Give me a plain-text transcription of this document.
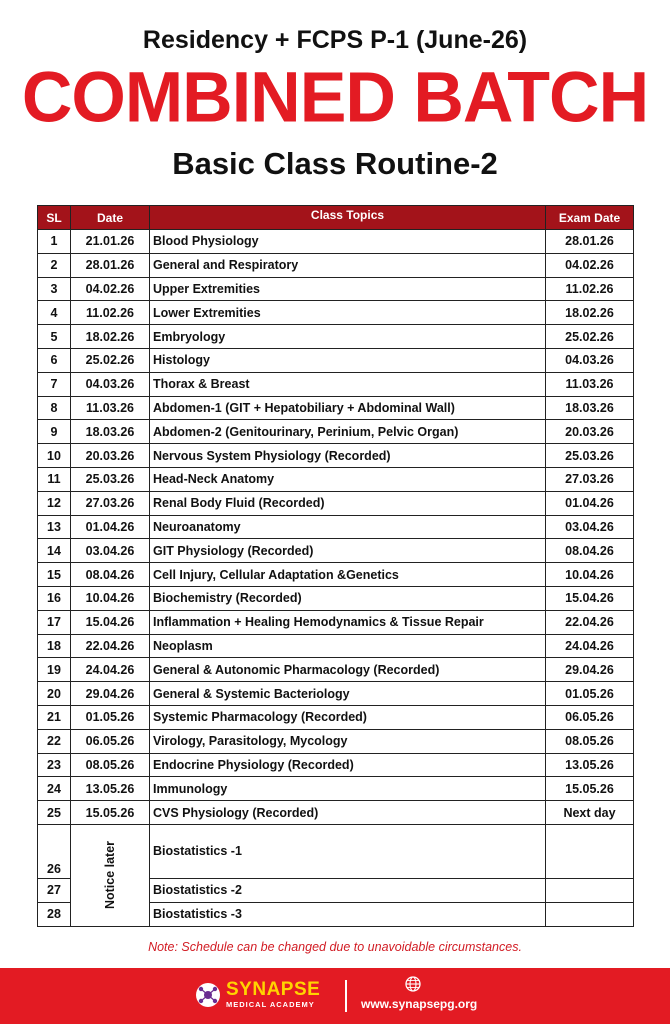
Residency + FCPS P-1 (June-26)
COMBINED BATCH
Basic Class Routine-2
SL	Date	Class Topics	Exam Date
1	21.01.26	Blood Physiology	28.01.26
2	28.01.26	General and Respiratory	04.02.26
3	04.02.26	Upper Extremities	11.02.26
4	11.02.26	Lower Extremities	18.02.26
5	18.02.26	Embryology	25.02.26
6	25.02.26	Histology	04.03.26
7	04.03.26	Thorax & Breast	11.03.26
8	11.03.26	Abdomen-1 (GIT + Hepatobiliary + Abdominal Wall)	18.03.26
9	18.03.26	Abdomen-2 (Genitourinary, Perinium, Pelvic Organ)	20.03.26
10	20.03.26	Nervous System Physiology (Recorded)	25.03.26
11	25.03.26	Head-Neck Anatomy	27.03.26
12	27.03.26	Renal Body Fluid (Recorded)	01.04.26
13	01.04.26	Neuroanatomy	03.04.26
14	03.04.26	GIT Physiology (Recorded)	08.04.26
15	08.04.26	Cell Injury, Cellular Adaptation &Genetics	10.04.26
16	10.04.26	Biochemistry (Recorded)	15.04.26
17	15.04.26	Inflammation + Healing Hemodynamics & Tissue Repair	22.04.26
18	22.04.26	Neoplasm	24.04.26
19	24.04.26	General & Autonomic Pharmacology (Recorded)	29.04.26
20	29.04.26	General & Systemic Bacteriology	01.05.26
21	01.05.26	Systemic Pharmacology (Recorded)	06.05.26
22	06.05.26	Virology, Parasitology, Mycology	08.05.26
23	08.05.26	Endocrine Physiology (Recorded)	13.05.26
24	13.05.26	Immunology	15.05.26
25	15.05.26	CVS Physiology (Recorded)	Next day
26	Notice later	Biostatistics -1	
27		Biostatistics -2	
28		Biostatistics -3	
Note: Schedule can be changed due to unavoidable circumstances.
SYNAPSE
MEDICAL ACADEMY	www.synapsepg.org
